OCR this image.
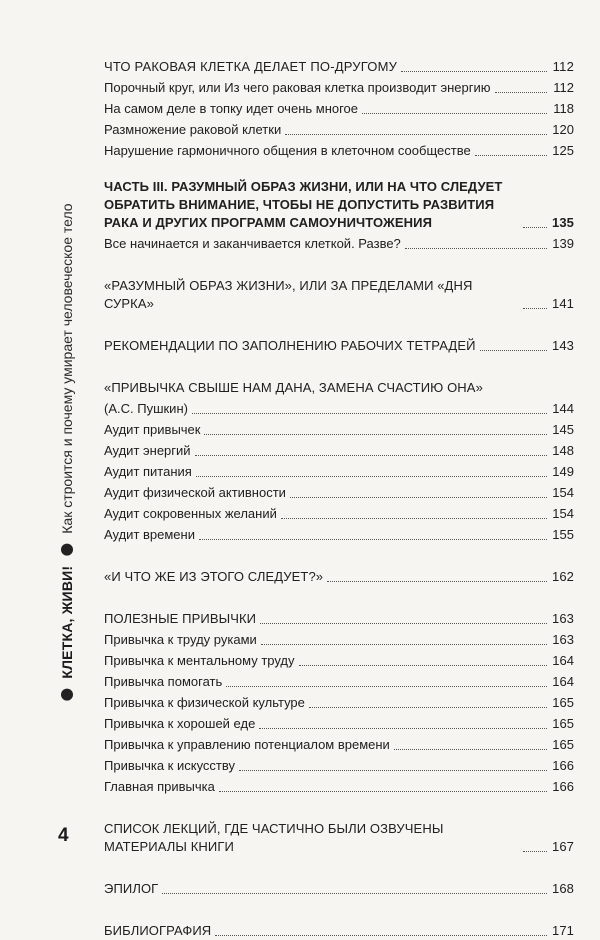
КЛЕТКА, ЖИВИ!
Как строится и почему умирает человеческое тело
4
ЧТО РАКОВАЯ КЛЕТКА ДЕЛАЕТ ПО-ДРУГОМУ	112
Порочный круг, или Из чего раковая клетка производит энергию	112
На самом деле в топку идет очень многое	118
Размножение раковой клетки	120
Нарушение гармоничного общения в клеточном сообществе	125
ЧАСТЬ III. РАЗУМНЫЙ ОБРАЗ ЖИЗНИ, ИЛИ НА ЧТО СЛЕДУЕТ ОБРАТИТЬ ВНИМАНИЕ, ЧТОБЫ НЕ ДОПУСТИТЬ РАЗВИТИЯ РАКА И ДРУГИХ ПРОГРАММ САМОУНИЧТОЖЕНИЯ	135
Все начинается и заканчивается клеткой. Разве?	139
«РАЗУМНЫЙ ОБРАЗ ЖИЗНИ», ИЛИ ЗА ПРЕДЕЛАМИ «ДНЯ СУРКА»	141
РЕКОМЕНДАЦИИ ПО ЗАПОЛНЕНИЮ РАБОЧИХ ТЕТРАДЕЙ	143
«ПРИВЫЧКА СВЫШЕ НАМ ДАНА, ЗАМЕНА СЧАСТИЮ ОНА»
(А.С. Пушкин)	144
Аудит привычек	145
Аудит энергий	148
Аудит питания	149
Аудит физической активности	154
Аудит сокровенных желаний	154
Аудит времени	155
«И ЧТО ЖЕ ИЗ ЭТОГО СЛЕДУЕТ?»	162
ПОЛЕЗНЫЕ ПРИВЫЧКИ	163
Привычка к труду руками	163
Привычка к ментальному труду	164
Привычка помогать	164
Привычка к физической культуре	165
Привычка к хорошей еде	165
Привычка к управлению потенциалом времени	165
Привычка к искусству	166
Главная привычка	166
СПИСОК ЛЕКЦИЙ, ГДЕ ЧАСТИЧНО БЫЛИ ОЗВУЧЕНЫ МАТЕРИАЛЫ КНИГИ	167
ЭПИЛОГ	168
БИБЛИОГРАФИЯ	171
